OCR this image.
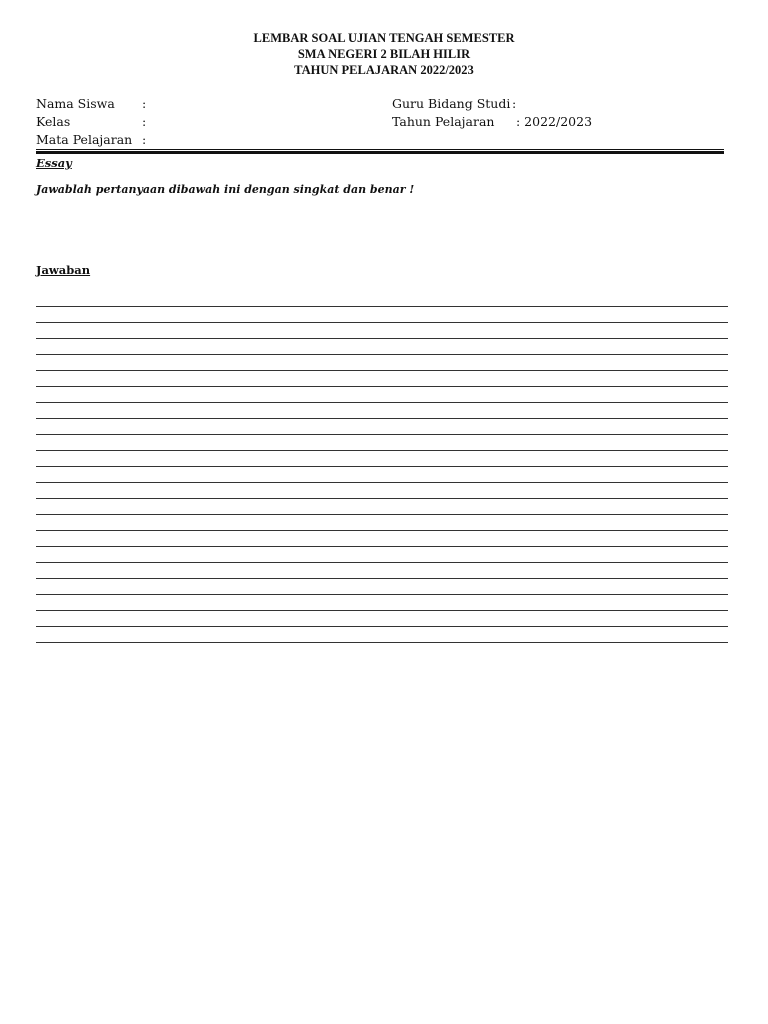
LEMBAR SOAL UJIAN TENGAH SEMESTER
SMA NEGERI 2 BILAH HILIR
TAHUN PELAJARAN 2022/2023
Nama Siswa :
Kelas	:
Mata Pelajaran :
Guru Bidang Studi :
Tahun Pelajaran : 2022/2023
Essay
Jawablah pertanyaan dibawah ini dengan singkat dan benar !
Jawaban
